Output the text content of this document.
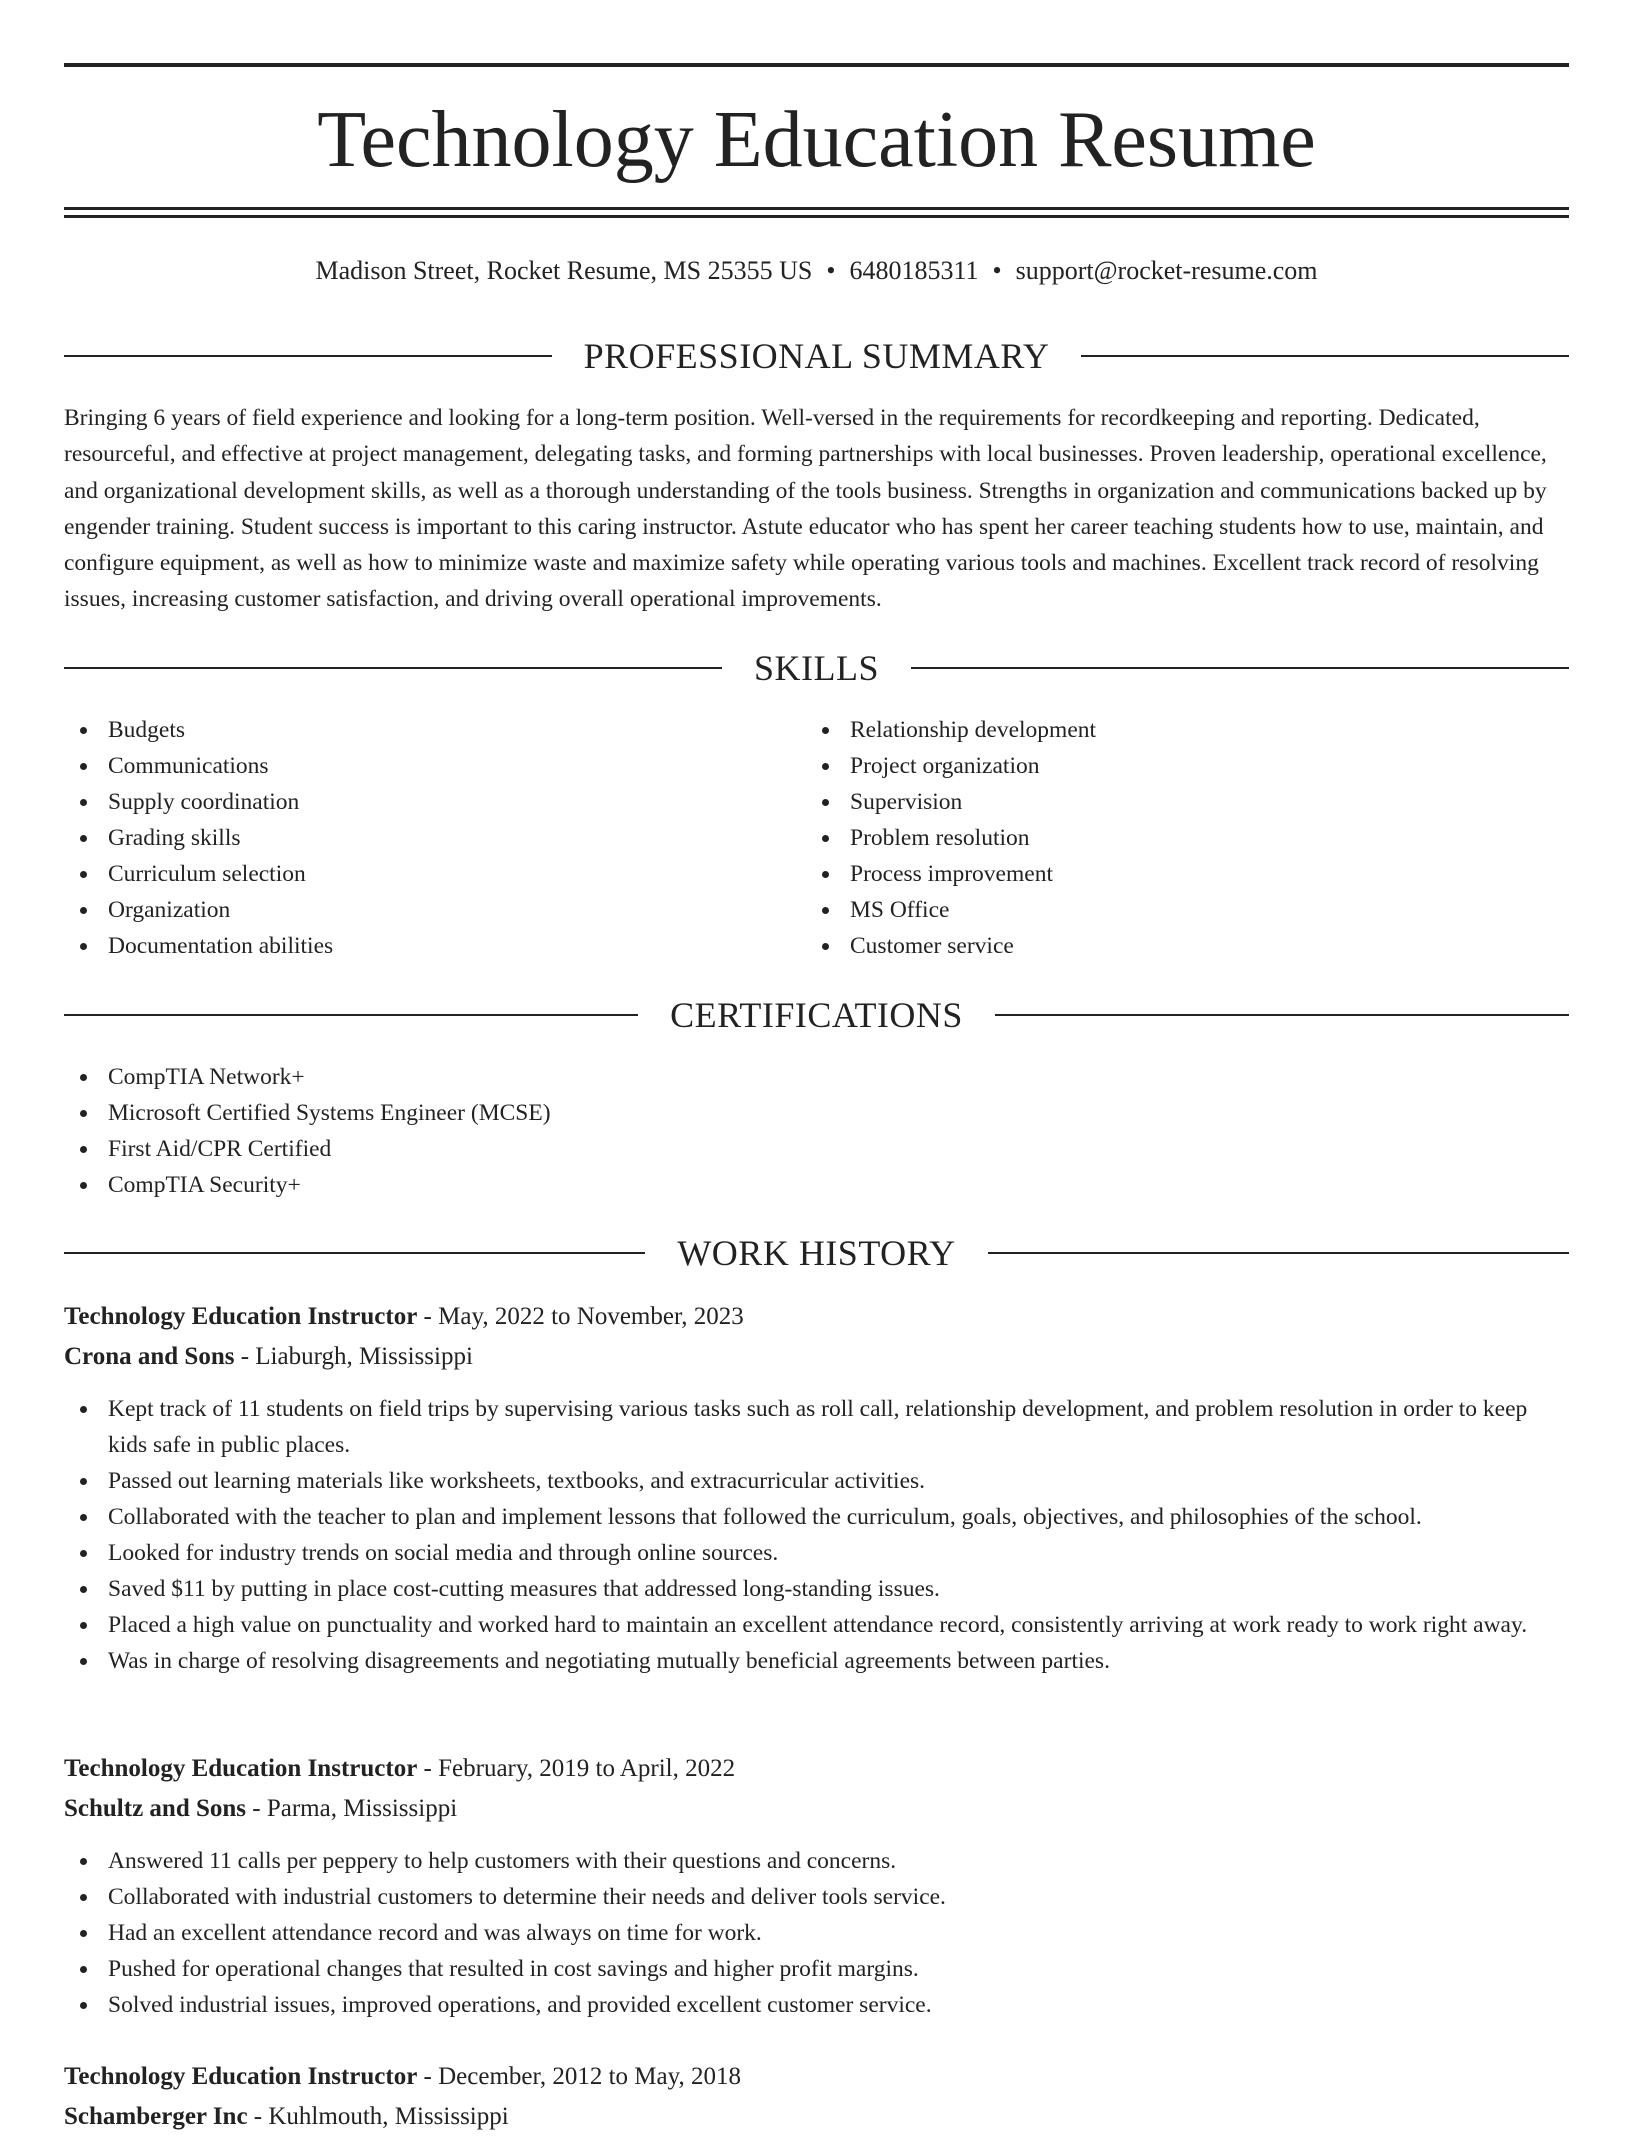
Technology Education Resume
Madison Street, Rocket Resume, MS 25355 US • 6480185311 • support@rocket-resume.com
PROFESSIONAL SUMMARY

Bringing 6 years of field experience and looking for a long-term position. Well-versed in the requirements for recordkeeping and reporting. Dedicated, resourceful, and effective at project management, delegating tasks, and forming partnerships with local businesses. Proven leadership, operational excellence, and organizational development skills, as well as a thorough understanding of the tools business. Strengths in organization and communications backed up by engender training. Student success is important to this caring instructor. Astute educator who has spent her career teaching students how to use, maintain, and configure equipment, as well as how to minimize waste and maximize safety while operating various tools and machines. Excellent track record of resolving issues, increasing customer satisfaction, and driving overall operational improvements.

SKILLS
Budgets
Communications
Supply coordination
Grading skills
Curriculum selection
Organization
Documentation abilities
Relationship development
Project organization
Supervision
Problem resolution
Process improvement
MS Office
Customer service
CERTIFICATIONS
CompTIA Network+
Microsoft Certified Systems Engineer (MCSE)
First Aid/CPR Certified
CompTIA Security+
WORK HISTORY
Technology Education Instructor - May, 2022 to November, 2023
Crona and Sons - Liaburgh, Mississippi
Kept track of 11 students on field trips by supervising various tasks such as roll call, relationship development, and problem resolution in order to keep kids safe in public places.
Passed out learning materials like worksheets, textbooks, and extracurricular activities.
Collaborated with the teacher to plan and implement lessons that followed the curriculum, goals, objectives, and philosophies of the school.
Looked for industry trends on social media and through online sources.
Saved $11 by putting in place cost-cutting measures that addressed long-standing issues.
Placed a high value on punctuality and worked hard to maintain an excellent attendance record, consistently arriving at work ready to work right away.
Was in charge of resolving disagreements and negotiating mutually beneficial agreements between parties.
Technology Education Instructor - February, 2019 to April, 2022
Schultz and Sons - Parma, Mississippi
Answered 11 calls per peppery to help customers with their questions and concerns.
Collaborated with industrial customers to determine their needs and deliver tools service.
Had an excellent attendance record and was always on time for work.
Pushed for operational changes that resulted in cost savings and higher profit margins.
Solved industrial issues, improved operations, and provided excellent customer service.
Technology Education Instructor - December, 2012 to May, 2018
Schamberger Inc - Kuhlmouth, Mississippi
